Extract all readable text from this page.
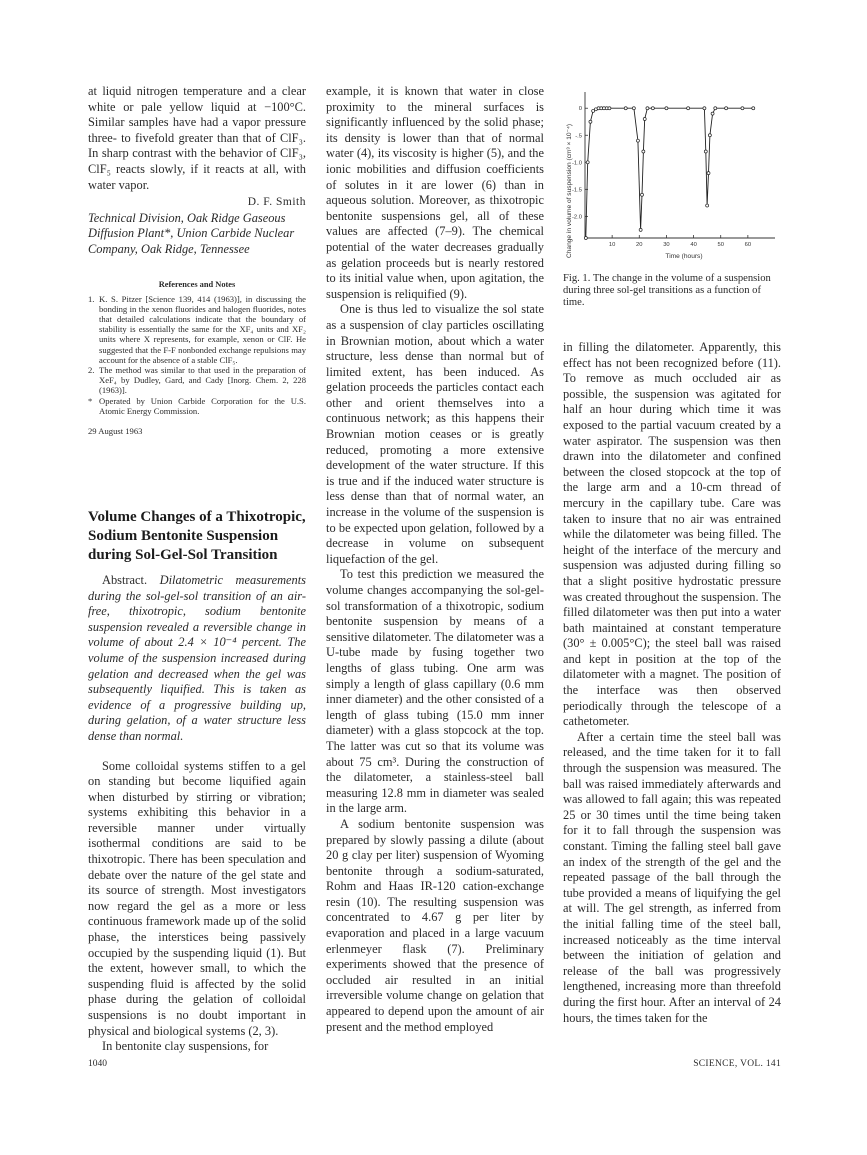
at liquid nitrogen temperature and a clear white or pale yellow liquid at −100°C. Similar samples have had a vapor pressure three- to fivefold greater than that of ClF₃. In sharp contrast with the behavior of ClF₃, ClF₅ reacts slowly, if it reacts at all, with water vapor.

D. F. Smith

Technical Division, Oak Ridge Gaseous Diffusion Plant*, Union Carbide Nuclear Company, Oak Ridge, Tennessee

References and Notes
1. K. S. Pitzer [Science 139, 414 (1963)], in discussing the bonding in the xenon fluorides and halogen fluorides, notes that detailed calculations indicate that the boundary of stability is essentially the same for the XF₄ units and XF₂ units where X represents, for example, xenon or ClF. He suggested that the F-F nonbonded exchange repulsions may account for the absence of a stable ClF₅.
2. The method was similar to that used in the preparation of XeF₄ by Dudley, Gard, and Cady [Inorg. Chem. 2, 228 (1963)].
* Operated by Union Carbide Corporation for the U.S. Atomic Energy Commission.
29 August 1963
Volume Changes of a Thixotropic, Sodium Bentonite Suspension during Sol-Gel-Sol Transition

Abstract. Dilatometric measurements during the sol-gel-sol transition of an air-free, thixotropic, sodium bentonite suspension revealed a reversible change in volume of about 2.4 × 10⁻⁴ percent. The volume of the suspension increased during gelation and decreased when the gel was subsequently liquified. This is taken as evidence of a progressive building up, during gelation, of a water structure less dense than normal.

Some colloidal systems stiffen to a gel on standing but become liquified again when disturbed by stirring or vibration; systems exhibiting this behavior in a reversible manner under virtually isothermal conditions are said to be thixotropic. There has been speculation and debate over the nature of the gel state and its source of strength. Most investigators now regard the gel as a more or less continuous framework made up of the solid phase, the interstices being passively occupied by the suspending liquid (1). But the extent, however small, to which the suspending fluid is affected by the solid phase during the gelation of colloidal suspensions is no doubt important in physical and biological systems (2, 3).

In bentonite clay suspensions, for

example, it is known that water in close proximity to the mineral surfaces is significantly influenced by the solid phase; its density is lower than that of normal water (4), its viscosity is higher (5), and the ionic mobilities and diffusion coefficients of solutes in it are lower (6) than in aqueous solution. Moreover, as thixotropic bentonite suspensions gel, all of these values are affected (7–9). The chemical potential of the water decreases gradually as gelation proceeds but is nearly restored to its initial value when, upon agitation, the suspension is reliquified (9).

One is thus led to visualize the sol state as a suspension of clay particles oscillating in Brownian motion, about which a water structure, less dense than normal but of limited extent, has been induced. As gelation proceeds the particles contact each other and orient themselves into a continuous network; as this happens their Brownian motion ceases or is greatly reduced, promoting a more extensive development of the water structure. If this is true and if the induced water structure is less dense than that of normal water, an increase in the volume of the suspension is to be expected upon gelation, followed by a decrease in volume on subsequent liquefaction of the gel.

To test this prediction we measured the volume changes accompanying the sol-gel-sol transformation of a thixotropic, sodium bentonite suspension by means of a sensitive dilatometer. The dilatometer was a U-tube made by fusing together two lengths of glass tubing. One arm was simply a length of glass capillary (0.6 mm inner diameter) and the other consisted of a length of glass tubing (15.0 mm inner diameter) with a glass stopcock at the top. The latter was cut so that its volume was about 75 cm³. During the construction of the dilatometer, a stainless-steel ball measuring 12.8 mm in diameter was sealed in the large arm.

A sodium bentonite suspension was prepared by slowly passing a dilute (about 20 g clay per liter) suspension of Wyoming bentonite through a sodium-saturated, Rohm and Haas IR-120 cation-exchange resin (10). The resulting suspension was concentrated to 4.67 g per liter by evaporation and placed in a large vacuum erlenmeyer flask (7). Preliminary experiments showed that the presence of occluded air resulted in an initial irreversible volume change on gelation that appeared to depend upon the amount of air present and the method employed

Change in volume of suspension (cm³ × 10⁻⁴)
0
-.5
-1.0
-1.5
-2.0
10	20	30	40	50	60
Time (hours)

Fig. 1. The change in the volume of a suspension during three sol-gel transitions as a function of time.

in filling the dilatometer. Apparently, this effect has not been recognized before (11). To remove as much occluded air as possible, the suspension was agitated for half an hour during which time it was exposed to the partial vacuum created by a water aspirator. The suspension was then drawn into the dilatometer and confined between the closed stopcock at the top of the large arm and a 10-cm thread of mercury in the capillary tube. Care was taken to insure that no air was entrained while the dilatometer was being filled. The height of the interface of the mercury and suspension was adjusted during filling so that a slight positive hydrostatic pressure was created throughout the suspension. The filled dilatometer was then put into a water bath maintained at constant temperature (30° ± 0.005°C); the steel ball was raised and kept in position at the top of the dilatometer with a magnet. The position of the interface was then observed periodically through the telescope of a cathetometer.

After a certain time the steel ball was released, and the time taken for it to fall through the suspension was measured. The ball was raised immediately afterwards and was allowed to fall again; this was repeated 25 or 30 times until the time being taken for it to fall through the suspension was constant. Timing the falling steel ball gave an index of the strength of the gel and the repeated passage of the ball through the tube provided a means of liquifying the gel at will. The gel strength, as inferred from the initial falling time of the steel ball, increased noticeably as the time interval between the initiation of gelation and release of the ball was progressively lengthened, increasing more than threefold during the first hour. After an interval of 24 hours, the times taken for the

1040	SCIENCE, VOL. 141
